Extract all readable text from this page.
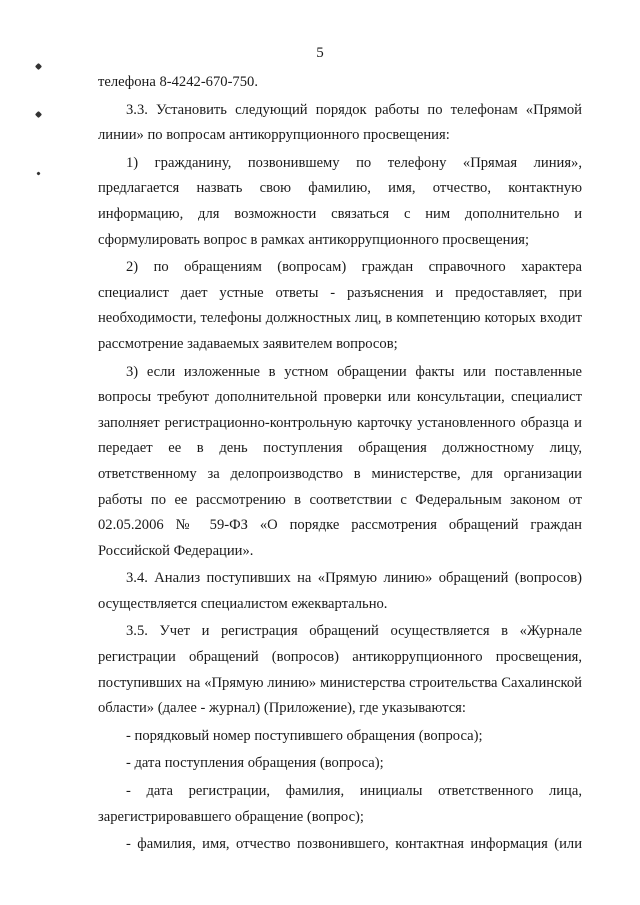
5

телефона 8-4242-670-750.

3.3. Установить следующий порядок работы по телефонам «Прямой линии» по вопросам антикоррупционного просвещения:

1) гражданину, позвонившему по телефону «Прямая линия», предлагается назвать свою фамилию, имя, отчество, контактную информацию, для возможности связаться с ним дополнительно и сформулировать вопрос в рамках антикоррупционного просвещения;

2) по обращениям (вопросам) граждан справочного характера специалист дает устные ответы - разъяснения и предоставляет, при необходимости, телефоны должностных лиц, в компетенцию которых входит рассмотрение задаваемых заявителем вопросов;

3) если изложенные в устном обращении факты или поставленные вопросы требуют дополнительной проверки или консультации, специалист заполняет регистрационно-контрольную карточку установленного образца и передает ее в день поступления обращения должностному лицу, ответственному за делопроизводство в министерстве, для организации работы по ее рассмотрению в соответствии с Федеральным законом от 02.05.2006 № 59-ФЗ «О порядке рассмотрения обращений граждан Российской Федерации».

3.4. Анализ поступивших на «Прямую линию» обращений (вопросов) осуществляется специалистом ежеквартально.

3.5. Учет и регистрация обращений осуществляется в «Журнале регистрации обращений (вопросов) антикоррупционного просвещения, поступивших на «Прямую линию» министерства строительства Сахалинской области» (далее - журнал) (Приложение), где указываются:

- порядковый номер поступившего обращения (вопроса);

- дата поступления обращения (вопроса);

- дата регистрации, фамилия, инициалы ответственного лица, зарегистрировавшего обращение (вопрос);

- фамилия, имя, отчество позвонившего, контактная информация (или
